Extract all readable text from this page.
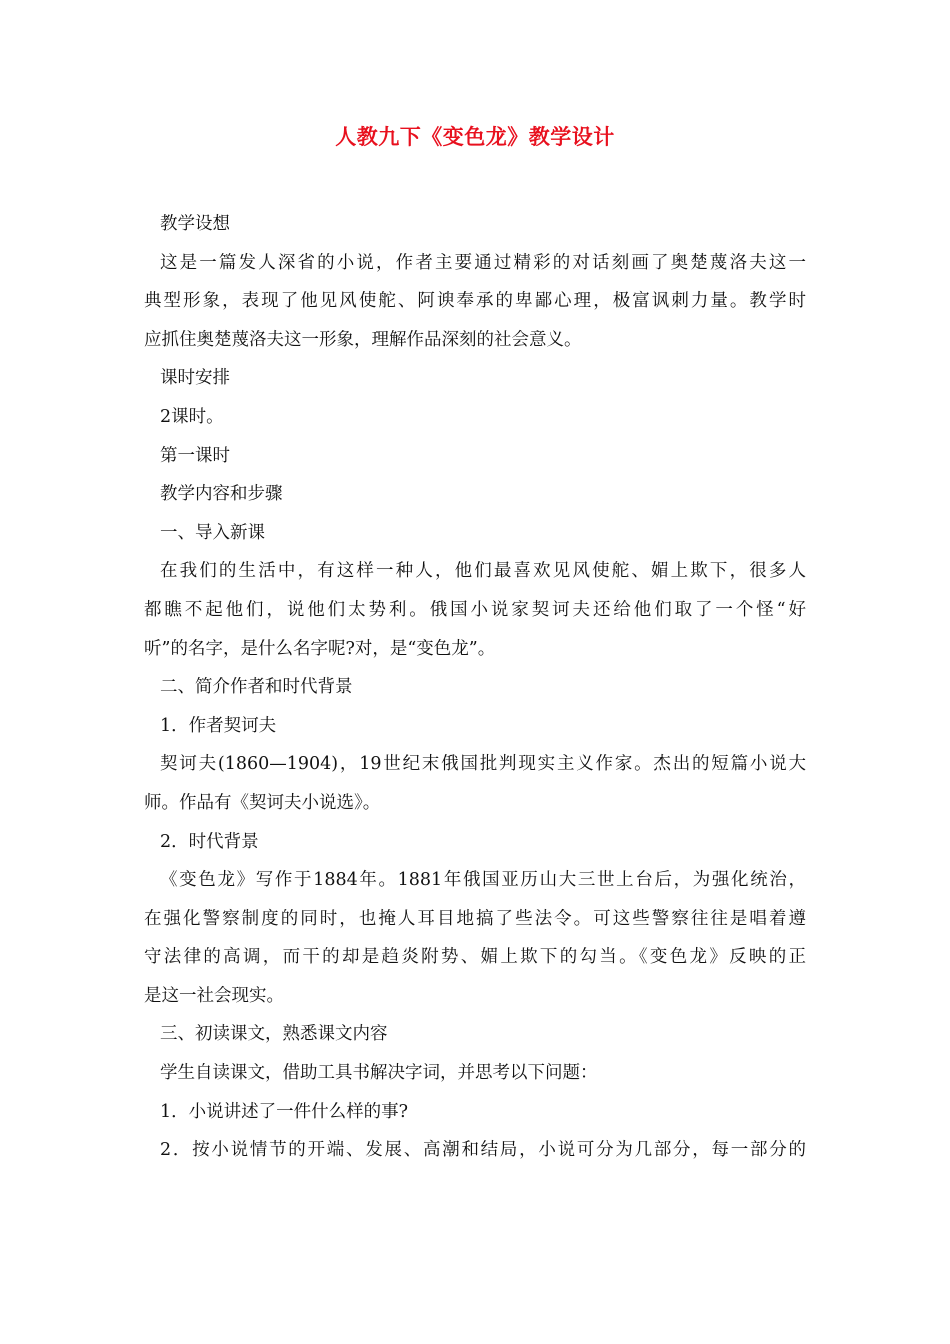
人教九下《变色龙》教学设计
教学设想
这是一篇发人深省的小说，作者主要通过精彩的对话刻画了奥楚蔑洛夫这一
典型形象，表现了他见风使舵、阿谀奉承的卑鄙心理，极富讽刺力量。教学时
应抓住奥楚蔑洛夫这一形象，理解作品深刻的社会意义。
课时安排
2课时。
第一课时
教学内容和步骤
一、导入新课
在我们的生活中，有这样一种人，他们最喜欢见风使舵、媚上欺下，很多人
都瞧不起他们，说他们太势利。俄国小说家契诃夫还给他们取了一个怪“好
听”的名字，是什么名字呢?对，是“变色龙”。
二、简介作者和时代背景
1．作者契诃夫
契诃夫(1860—1904)，19世纪末俄国批判现实主义作家。杰出的短篇小说大
师。作品有《契诃夫小说选》。
2．时代背景
《变色龙》写作于1884年。1881年俄国亚历山大三世上台后，为强化统治，
在强化警察制度的同时，也掩人耳目地搞了些法令。可这些警察往往是唱着遵
守法律的高调，而干的却是趋炎附势、媚上欺下的勾当。《变色龙》反映的正
是这一社会现实。
三、初读课文，熟悉课文内容
学生自读课文，借助工具书解决字词，并思考以下问题：
1．小说讲述了一件什么样的事?
2．按小说情节的开端、发展、高潮和结局，小说可分为几部分，每一部分的
